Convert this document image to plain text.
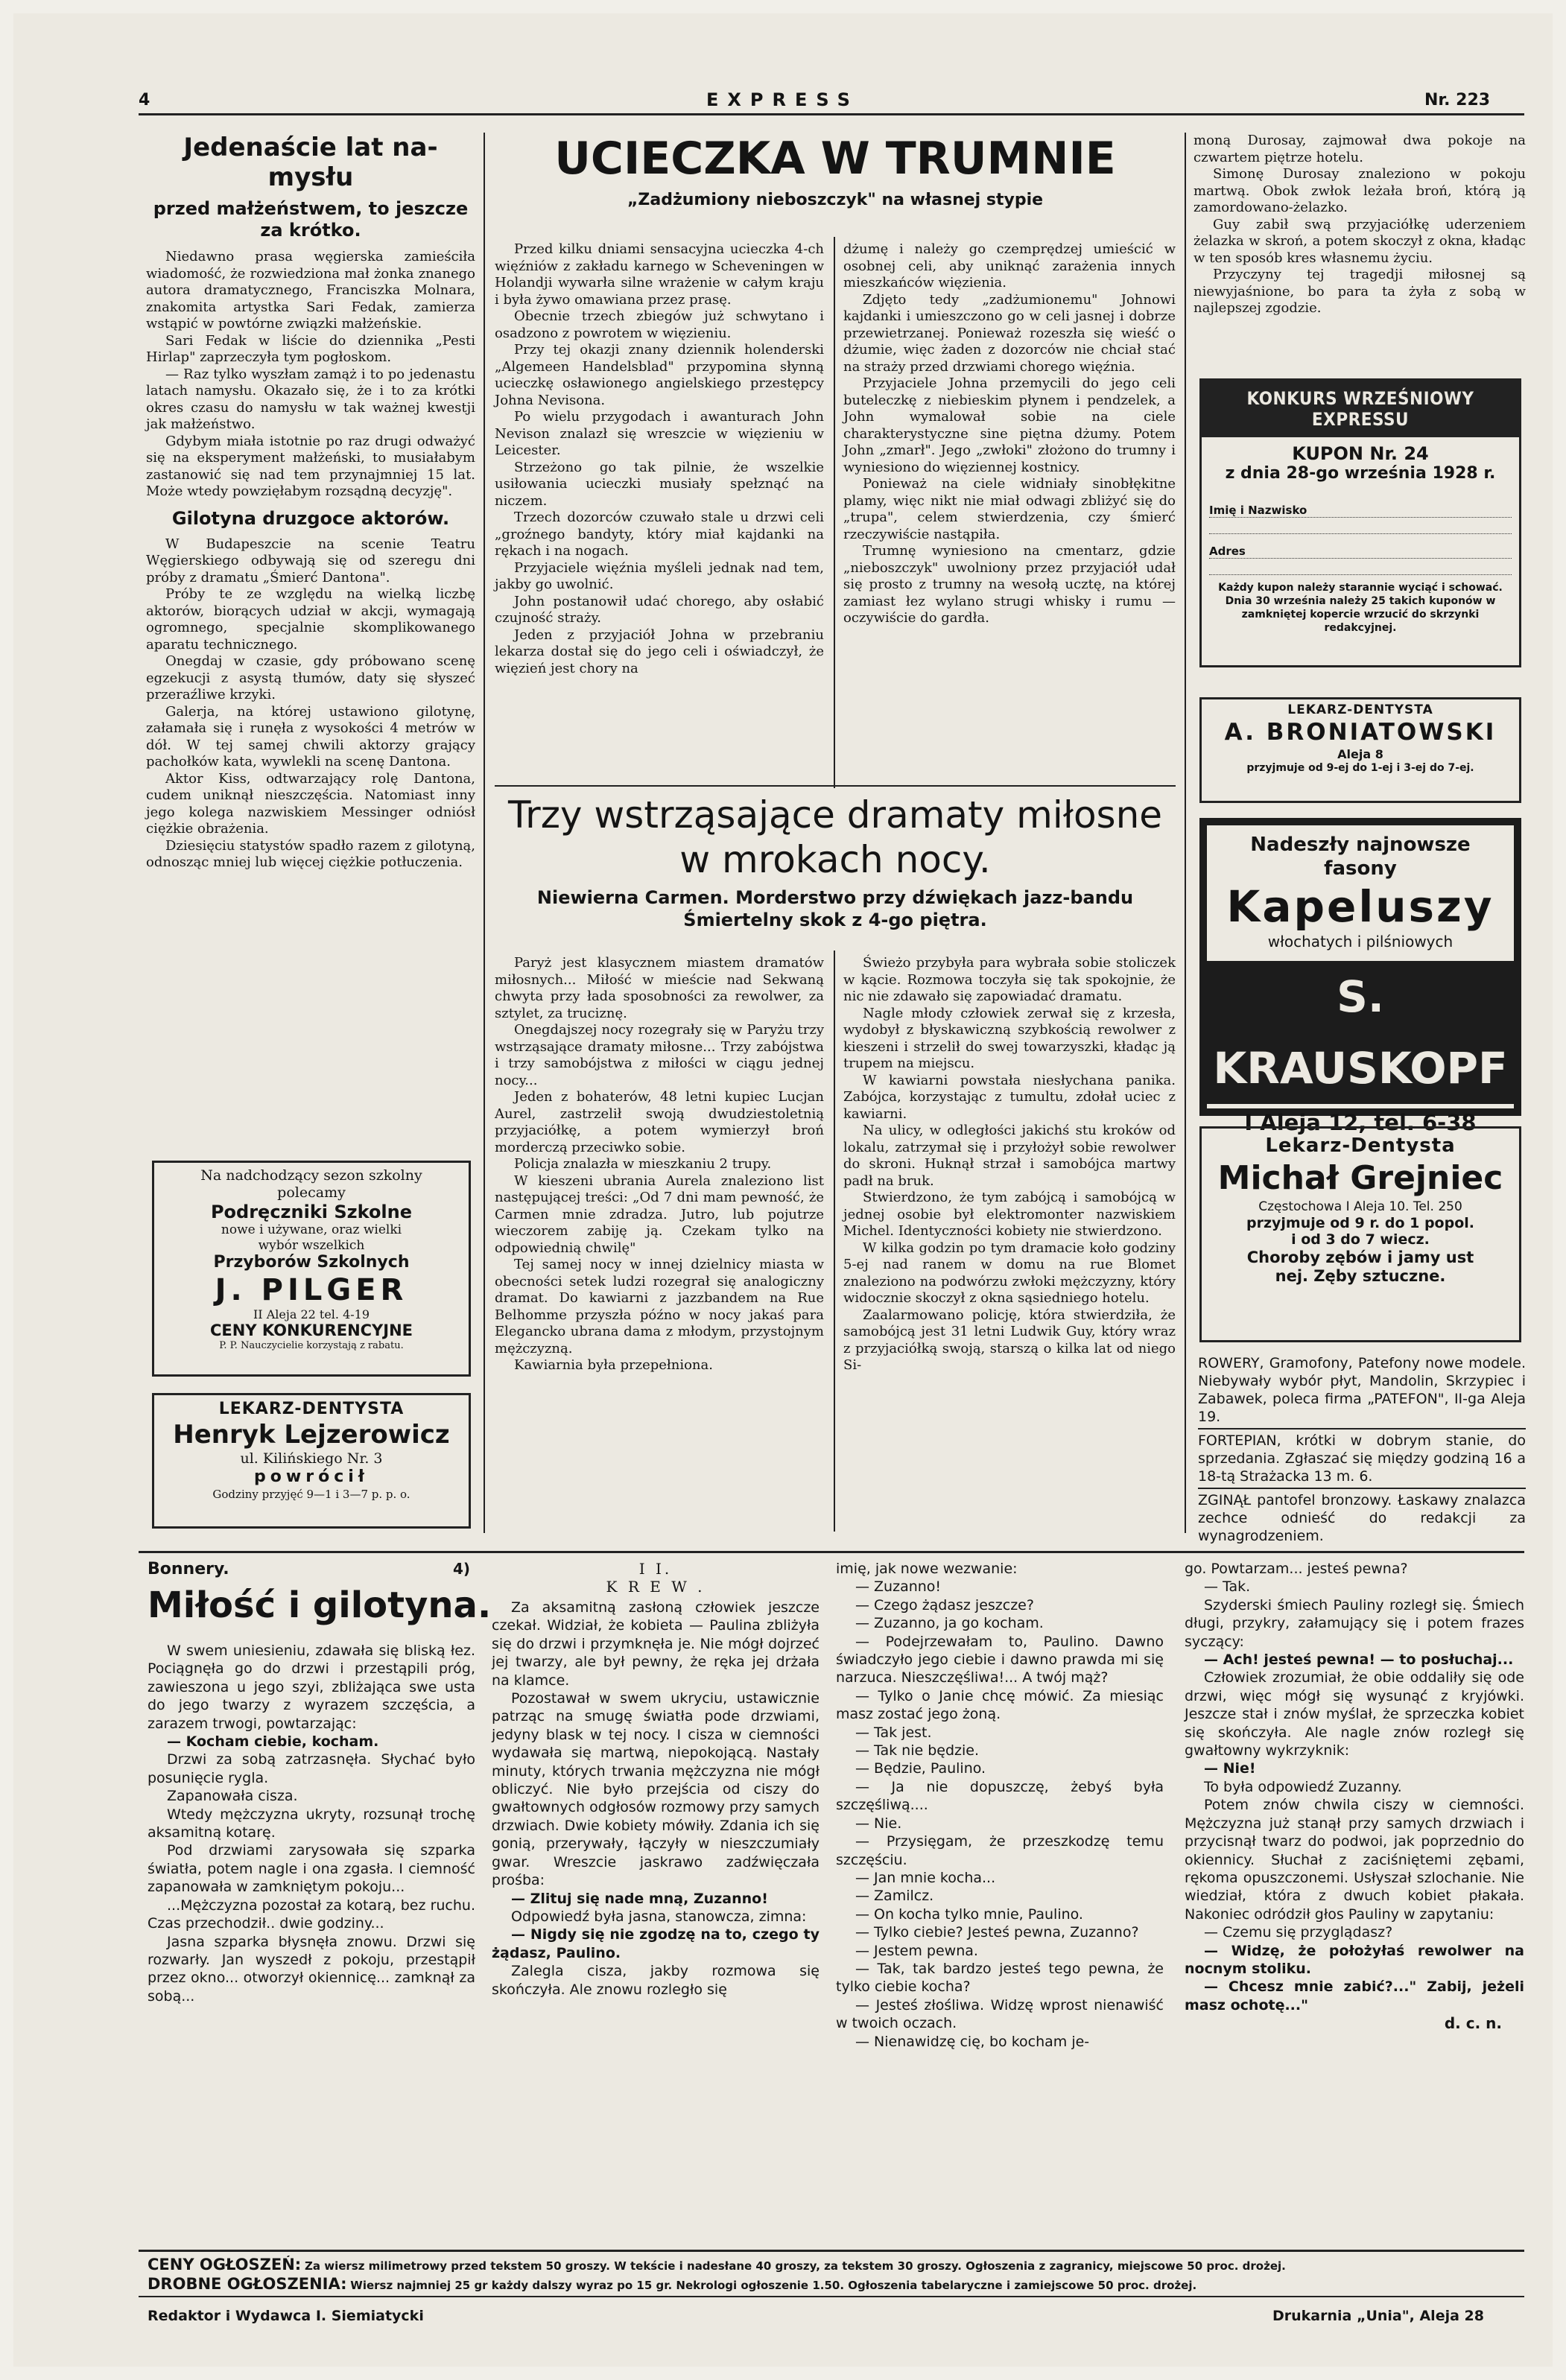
4	EXPRESS	Nr. 223
Jedenaście lat na- mysłu
przed małżeństwem, to jeszcze za krótko.

Niedawno prasa węgierska zamieściła wiadomość, że rozwiedziona mał żonka znanego autora dramatycznego, Franciszka Molnara, znakomita artystka Sari Fedak, zamierza wstąpić w powtórne związki małżeńskie.

Sari Fedak w liście do dziennika „Pesti Hirlap" zaprzeczyła tym pogłoskom.

— Raz tylko wyszłam zamąż i to po jedenastu latach namysłu. Okazało się, że i to za krótki okres czasu do namysłu w tak ważnej kwestji jak małżeństwo.

Gdybym miała istotnie po raz drugi odważyć się na eksperyment małżeński, to musiałabym zastanowić się nad tem przynajmniej 15 lat. Może wtedy powzięłabym rozsądną decyzję".

Gilotyna druzgoce aktorów.

W Budapeszcie na scenie Teatru Węgierskiego odbywają się od szeregu dni próby z dramatu „Śmierć Dantona".

Próby te ze względu na wielką liczbę aktorów, biorących udział w akcji, wymagają ogromnego, specjalnie skomplikowanego aparatu technicznego.

Onegdaj w czasie, gdy próbowano scenę egzekucji z asystą tłumów, daty się słyszeć przeraźliwe krzyki.

Galerja, na której ustawiono gilotynę, załamała się i runęła z wysokości 4 metrów w dół. W tej samej chwili aktorzy grający pachołków kata, wywlekli na scenę Dantona.

Aktor Kiss, odtwarzający rolę Dantona, cudem uniknął nieszczęścia. Natomiast inny jego kolega nazwiskiem Messinger odniósł ciężkie obrażenia.

Dziesięciu statystów spadło razem z gilotyną, odnosząc mniej lub więcej ciężkie potłuczenia.

Na nadchodzący sezon szkolny
polecamy
Podręczniki Szkolne
nowe i używane, oraz wielki
wybór wszelkich
Przyborów Szkolnych
J. PILGER
II Aleja 22 tel. 4-19
CENY KONKURENCYJNE
P. P. Nauczycielie korzystają z rabatu.
LEKARZ-DENTYSTA
Henryk Lejzerowicz
ul. Kilińskiego Nr. 3
powrócił
Godziny przyjęć 9—1 i 3—7 p. p. o.
UCIECZKA W TRUMNIE
„Zadżumiony nieboszczyk" na własnej stypie

Przed kilku dniami sensacyjna ucieczka 4-ch więźniów z zakładu karnego w Scheveningen w Holandji wywarła silne wrażenie w całym kraju i była żywo omawiana przez prasę.

Obecnie trzech zbiegów już schwytano i osadzono z powrotem w więzieniu.

Przy tej okazji znany dziennik holenderski „Algemeen Handelsblad" przypomina słynną ucieczkę osławionego angielskiego przestępcy Johna Nevisona.

Po wielu przygodach i awanturach John Nevison znalazł się wreszcie w więzieniu w Leicester.

Strzeżono go tak pilnie, że wszelkie usiłowania ucieczki musiały spełznąć na niczem.

Trzech dozorców czuwało stale u drzwi celi „groźnego bandyty, który miał kajdanki na rękach i na nogach.

Przyjaciele więźnia myśleli jednak nad tem, jakby go uwolnić.

John postanowił udać chorego, aby osłabić czujność straży.

Jeden z przyjaciół Johna w przebraniu lekarza dostał się do jego celi i oświadczył, że więzień jest chory na

dżumę i należy go czemprędzej umieścić w osobnej celi, aby uniknąć zarażenia innych mieszkańców więzienia.

Zdjęto tedy „zadżumionemu" Johnowi kajdanki i umieszczono go w celi jasnej i dobrze przewietrzanej. Ponieważ rozeszła się wieść o dżumie, więc żaden z dozorców nie chciał stać na straży przed drzwiami chorego więźnia.

Przyjaciele Johna przemycili do jego celi buteleczkę z niebieskim płynem i pendzelek, a John wymalował sobie na ciele charakterystyczne sine piętna dżumy. Potem John „zmarł". Jego „zwłoki" złożono do trumny i wyniesiono do więziennej kostnicy.

Ponieważ na ciele widniały sinobłękitne plamy, więc nikt nie miał odwagi zbliżyć się do „trupa", celem stwierdzenia, czy śmierć rzeczywiście nastąpiła.

Trumnę wyniesiono na cmentarz, gdzie „nieboszczyk" uwolniony przez przyjaciół udał się prosto z trumny na wesołą ucztę, na której zamiast łez wylano strugi whisky i rumu — oczywiście do gardła.

Trzy wstrząsające dramaty miłosne w mrokach nocy.
Niewierna Carmen. Morderstwo przy dźwiękach jazz-bandu
Śmiertelny skok z 4-go piętra.

Paryż jest klasycznem miastem dramatów miłosnych... Miłość w mieście nad Sekwaną chwyta przy łada sposobności za rewolwer, za sztylet, za truciznę.

Onegdajszej nocy rozegrały się w Paryżu trzy wstrząsające dramaty miłosne... Trzy zabójstwa i trzy samobójstwa z miłości w ciągu jednej nocy...

Jeden z bohaterów, 48 letni kupiec Lucjan Aurel, zastrzelił swoją dwudziestoletnią przyjaciółkę, a potem wymierzył broń morderczą przeciwko sobie.

Policja znalazła w mieszkaniu 2 trupy.

W kieszeni ubrania Aurela znaleziono list następującej treści: „Od 7 dni mam pewność, że Carmen mnie zdradza. Jutro, lub pojutrze wieczorem zabiję ją. Czekam tylko na odpowiednią chwilę"

Tej samej nocy w innej dzielnicy miasta w obecności setek ludzi rozegrał się analogiczny dramat. Do kawiarni z jazzbandem na Rue Belhomme przyszła późno w nocy jakaś para Elegancko ubrana dama z młodym, przystojnym mężczyzną.

Kawiarnia była przepełniona.

Świeżo przybyła para wybrała sobie stoliczek w kącie. Rozmowa toczyła się tak spokojnie, że nic nie zdawało się zapowiadać dramatu.

Nagle młody człowiek zerwał się z krzesła, wydobył z błyskawiczną szybkością rewolwer z kieszeni i strzelił do swej towarzyszki, kładąc ją trupem na miejscu.

W kawiarni powstała niesłychana panika. Zabójca, korzystając z tumultu, zdołał uciec z kawiarni.

Na ulicy, w odległości jakichś stu kroków od lokalu, zatrzymał się i przyłożył sobie rewolwer do skroni. Huknął strzał i samobójca martwy padł na bruk.

Stwierdzono, że tym zabójcą i samobójcą w jednej osobie był elektromonter nazwiskiem Michel. Identyczności kobiety nie stwierdzono.

W kilka godzin po tym dramacie koło godziny 5-ej nad ranem w domu na rue Blomet znaleziono na podwórzu zwłoki mężczyzny, który widocznie skoczył z okna sąsiedniego hotelu.

Zaalarmowano policję, która stwierdziła, że samobójcą jest 31 letni Ludwik Guy, który wraz z przyjaciółką swoją, starszą o kilka lat od niego Si-

moną Durosay, zajmował dwa pokoje na czwartem piętrze hotelu.

Simonę Durosay znaleziono w pokoju martwą. Obok zwłok leżała broń, którą ją zamordowano-żelazko.

Guy zabił swą przyjaciółkę uderzeniem żelazka w skroń, a potem skoczył z okna, kładąc w ten sposób kres własnemu życiu.

Przyczyny tej tragedji miłosnej są niewyjaśnione, bo para ta żyła z sobą w najlepszej zgodzie.

KONKURS WRZEŚNIOWY EXPRESSU
KUPON Nr. 24
z dnia 28-go września 1928 r.
Imię i Nazwisko
Adres
Każdy kupon należy starannie wyciąć i schować. Dnia 30 września należy 25 takich kuponów w zamkniętej kopercie wrzucić do skrzynki redakcyjnej.
LEKARZ-DENTYSTA
A. BRONIATOWSKI
Aleja 8
przyjmuje od 9-ej do 1-ej i 3-ej do 7-ej.
Nadeszły najnowsze fasony
Kapeluszy
włochatych i pilśniowych
S. KRAUSKOPF
I Aleja 12, tel. 6-38
Lekarz-Dentysta
Michał Grejniec
Częstochowa I Aleja 10. Tel. 250
przyjmuje od 9 r. do 1 popol.
i od 3 do 7 wiecz.
Choroby zębów i jamy ust
nej. Zęby sztuczne.

ROWERY, Gramofony, Patefony nowe modele. Niebywały wybór płyt, Mandolin, Skrzypiec i Zabawek, poleca firma „PATEFON", II-ga Aleja 19.

FORTEPIAN, krótki w dobrym stanie, do sprzedania. Zgłaszać się między godziną 16 a 18-tą Strażacka 13 m. 6.

ZGINĄŁ pantofel bronzowy. Łaskawy znalazca zechce odnieść do redakcji za wynagrodzeniem.

Bonnery.	4)
Miłość i gilotyna.

W swem uniesieniu, zdawała się bliską łez. Pociągnęła go do drzwi i przestąpili próg, zawieszona u jego szyi, zbliżająca swe usta do jego twarzy z wyrazem szczęścia, a zarazem trwogi, powtarzając:

— Kocham ciebie, kocham.

Drzwi za sobą zatrzasnęła. Słychać było posunięcie rygla.

Zapanowała cisza.

Wtedy mężczyzna ukryty, rozsunął trochę aksamitną kotarę.

Pod drzwiami zarysowała się szparka światła, potem nagle i ona zgasła. I ciemność zapanowała w zamkniętym pokoju...

...Mężczyzna pozostał za kotarą, bez ruchu. Czas przechodził.. dwie godziny...

Jasna szparka błysnęła znowu. Drzwi się rozwarły. Jan wyszedł z pokoju, przestąpił przez okno... otworzył okiennicę... zamknął za sobą...

I I.
K R E W .

Za aksamitną zasłoną człowiek jeszcze czekał. Widział, że kobieta — Paulina zbliżyła się do drzwi i przymknęła je. Nie mógł dojrzeć jej twarzy, ale był pewny, że ręka jej drżała na klamce.

Pozostawał w swem ukryciu, ustawicznie patrząc na smugę światła pode drzwiami, jedyny blask w tej nocy. I cisza w ciemności wydawała się martwą, niepokojącą. Nastały minuty, których trwania mężczyzna nie mógł obliczyć. Nie było przejścia od ciszy do gwałtownych odgłosów rozmowy przy samych drzwiach. Dwie kobiety mówiły. Zdania ich się gonią, przerywały, łączyły w nieszczumiały gwar. Wreszcie jaskrawo zadźwięczała prośba:

— Zlituj się nade mną, Zuzanno!

Odpowiedź była jasna, stanowcza, zimna:

— Nigdy się nie zgodzę na to, czego ty żądasz, Paulino.

Zalegla cisza, jakby rozmowa się skończyła. Ale znowu rozległo się

imię, jak nowe wezwanie:

— Zuzanno!

— Czego żądasz jeszcze?

— Zuzanno, ja go kocham.

— Podejrzewałam to, Paulino. Dawno świadczyło jego ciebie i dawno prawda mi się narzuca. Nieszczęśliwa!... A twój mąż?

— Tylko o Janie chcę mówić. Za miesiąc masz zostać jego żoną.

— Tak jest.

— Tak nie będzie.

— Będzie, Paulino.

— Ja nie dopuszczę, żebyś była szczęśliwą....

— Nie.

— Przysięgam, że przeszkodzę temu szczęściu.

— Jan mnie kocha...

— Zamilcz.

— On kocha tylko mnie, Paulino.

— Tylko ciebie? Jesteś pewna, Zuzanno?

— Jestem pewna.

— Tak, tak bardzo jesteś tego pewna, że tylko ciebie kocha?

— Jesteś złośliwa. Widzę wprost nienawiść w twoich oczach.

— Nienawidzę cię, bo kocham je-

go. Powtarzam... jesteś pewna?

— Tak.

Szyderski śmiech Pauliny rozległ się. Śmiech długi, przykry, załamujący się i potem frazes syczący:

— Ach! jesteś pewna! — to posłuchaj...

Człowiek zrozumiał, że obie oddaliły się ode drzwi, więc mógł się wysunąć z kryjówki. Jeszcze stał i znów myślał, że sprzeczka kobiet się skończyła. Ale nagle znów rozległ się gwałtowny wykrzyknik:

— Nie!

To była odpowiedź Zuzanny.

Potem znów chwila ciszy w ciemności. Mężczyzna już stanął przy samych drzwiach i przycisnął twarz do podwoi, jak poprzednio do okiennicy. Słuchał z zaciśniętemi zębami, rękoma opuszczonemi. Usłyszał szlochanie. Nie wiedział, która z dwuch kobiet płakała. Nakoniec odródził głos Pauliny w zapytaniu:

— Czemu się przyglądasz?

— Widzę, że położyłaś rewolwer na nocnym stoliku.

— Chcesz mnie zabić?..." Zabij, jeżeli masz ochotę..."

d. c. n.
CENY OGŁOSZEŃ: Za wiersz milimetrowy przed tekstem 50 groszy. W tekście i nadesłane 40 groszy, za tekstem 30 groszy. Ogłoszenia z zagranicy, miejscowe 50 proc. drożej.
DROBNE OGŁOSZENIA: Wiersz najmniej 25 gr każdy dalszy wyraz po 15 gr. Nekrologi ogłoszenie 1.50. Ogłoszenia tabelaryczne i zamiejscowe 50 proc. drożej.
Redaktor i Wydawca I. Siemiatycki	Drukarnia „Unia", Aleja 28
